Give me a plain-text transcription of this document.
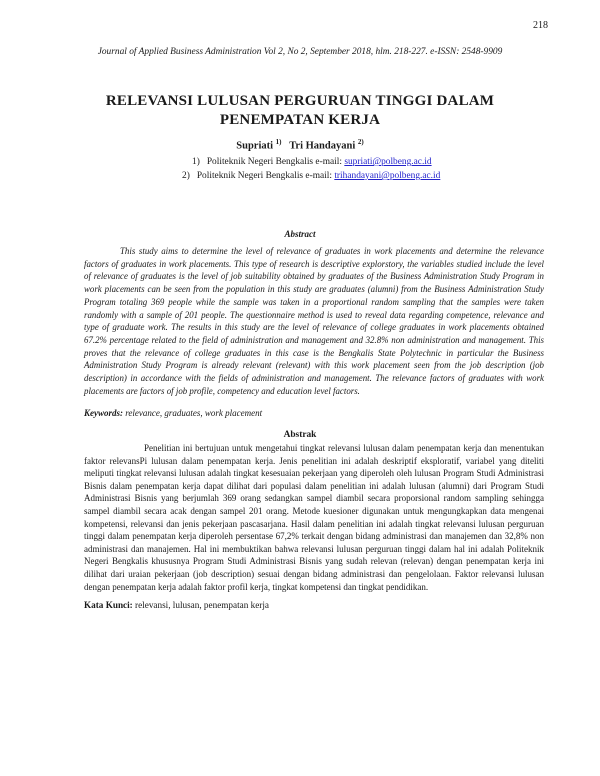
218
Journal of Applied Business Administration Vol 2, No 2, September 2018, hlm. 218-227. e-ISSN: 2548-9909
RELEVANSI LULUSAN PERGURUAN TINGGI DALAM
PENEMPATAN KERJA
Supriati $^{1)}$ Tri Handayani $^{2)}$
1) Politeknik Negeri Bengkalis e-mail: supriati@polbeng.ac.id
2) Politeknik Negeri Bengkalis e-mail: trihandayani@polbeng.ac.id
Abstract
This study aims to determine the level of relevance of graduates in work placements and determine the relevance factors of graduates in work placements. This type of research is descriptive explorstory, the variables studied include the level of relevance of graduates is the level of job suitability obtained by graduates of the Business Administration Study Program in work placements can be seen from the population in this study are graduates (alumni) from the Business Administration Study Program totaling 369 people while the sample was taken in a proportional random sampling that the samples were taken randomly with a sample of 201 people. The questionnaire method is used to reveal data regarding competence, relevance and type of graduate work. The results in this study are the level of relevance of college graduates in work placements obtained 67.2% percentage related to the field of administration and management and 32.8% non administration and management. This proves that the relevance of college graduates in this case is the Bengkalis State Polytechnic in particular the Business Administration Study Program is already relevant (relevant) with this work placement seen from the job description (job description) in accordance with the fields of administration and management. The relevance factors of graduates with work placements are factors of job profile, competency and education level factors.
Keywords: relevance, graduates, work placement
Abstrak
Penelitian ini bertujuan untuk mengetahui tingkat relevansi lulusan dalam penempatan kerja dan menentukan faktor relevansPi lulusan dalam penempatan kerja. Jenis penelitian ini adalah deskriptif eksploratif, variabel yang diteliti meliputi tingkat relevansi lulusan adalah tingkat kesesuaian pekerjaan yang diperoleh oleh lulusan Program Studi Administrasi Bisnis dalam penempatan kerja dapat dilihat dari populasi dalam penelitian ini adalah lulusan (alumni) dari Program Studi Administrasi Bisnis yang berjumlah 369 orang sedangkan sampel diambil secara proporsional random sampling sehingga sampel diambil secara acak dengan sampel 201 orang. Metode kuesioner digunakan untuk mengungkapkan data mengenai kompetensi, relevansi dan jenis pekerjaan pascasarjana. Hasil dalam penelitian ini adalah tingkat relevansi lulusan perguruan tinggi dalam penempatan kerja diperoleh persentase 67,2% terkait dengan bidang administrasi dan manajemen dan 32,8% non administrasi dan manajemen. Hal ini membuktikan bahwa relevansi lulusan perguruan tinggi dalam hal ini adalah Politeknik Negeri Bengkalis khususnya Program Studi Administrasi Bisnis yang sudah relevan (relevan) dengan penempatan kerja ini dilihat dari uraian pekerjaan (job description) sesuai dengan bidang administrasi dan pengelolaan. Faktor relevansi lulusan dengan penempatan kerja adalah faktor profil kerja, tingkat kompetensi dan tingkat pendidikan.
Kata Kunci: relevansi, lulusan, penempatan kerja
